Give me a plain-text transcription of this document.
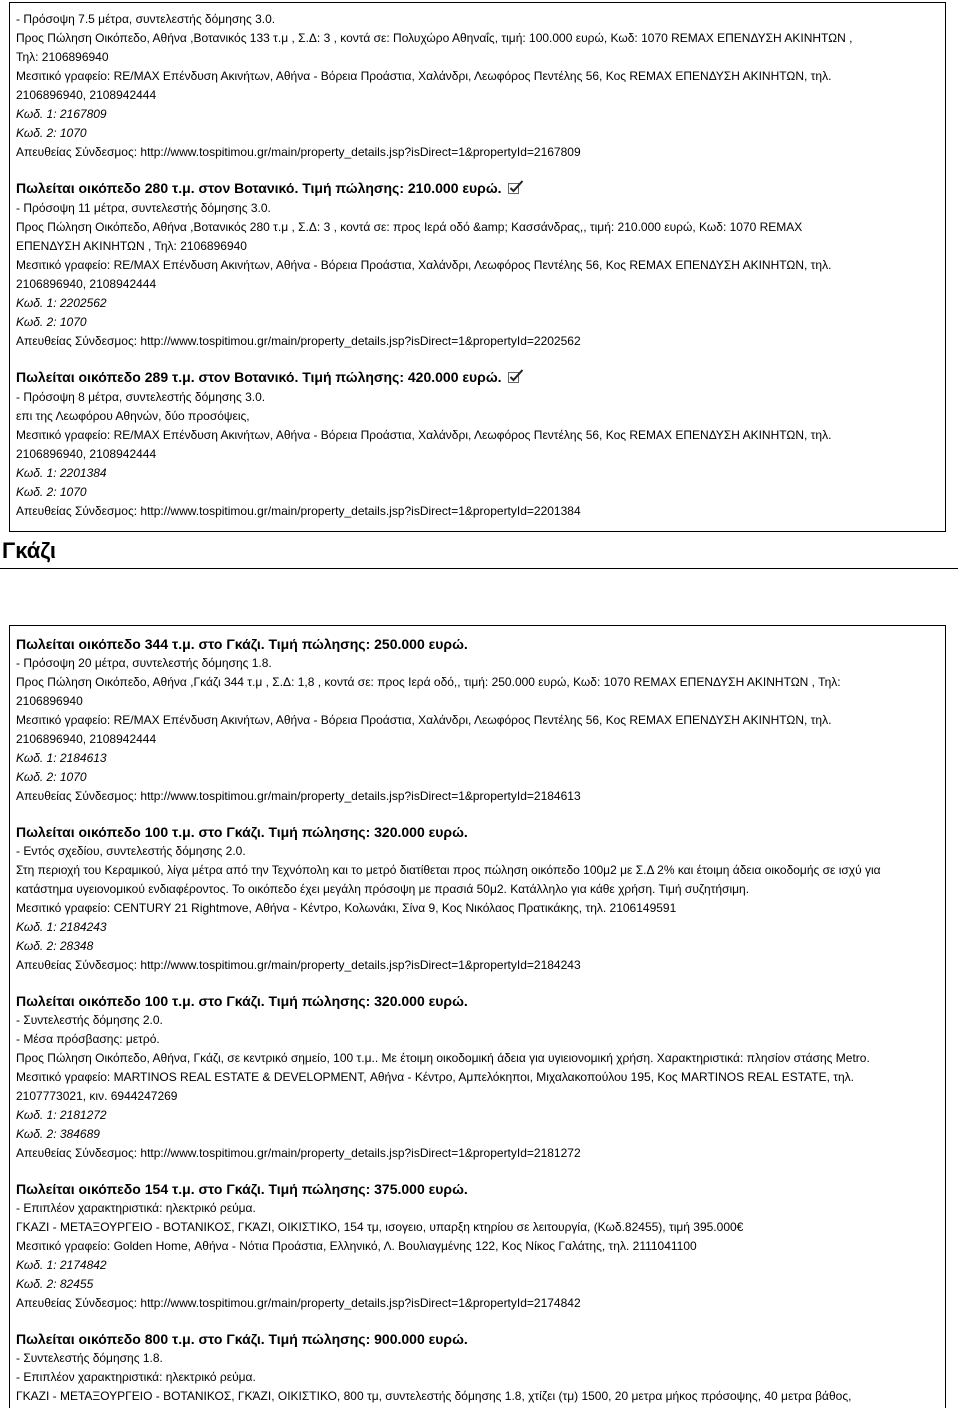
- Πρόσοψη 7.5 μέτρα, συντελεστής δόμησης 3.0.
Προς Πώληση Οικόπεδο, Αθήνα ,Βοτανικός 133 τ.μ , Σ.Δ: 3 , κοντά σε: Πολυχώρο Αθηναΐς, τιμή: 100.000 ευρώ, Κωδ: 1070 REMAX ΕΠΕΝΔΥΣΗ ΑΚΙΝΗΤΩΝ ,
Τηλ: 2106896940
Μεσιτικό γραφείο: RE/MAX Επένδυση Ακινήτων, Αθήνα - Βόρεια Προάστια, Χαλάνδρι, Λεωφόρος Πεντέλης 56, Κος REMAX ΕΠΕΝΔΥΣΗ ΑΚΙΝΗΤΩΝ, τηλ.
2106896940, 2108942444
Κωδ. 1: 2167809
Κωδ. 2: 1070
Απευθείας Σύνδεσμος: http://www.tospitimou.gr/main/property_details.jsp?isDirect=1&propertyId=2167809
Πωλείται οικόπεδο 280 τ.μ. στον Βοτανικό. Τιμή πώλησης: 210.000 ευρώ.
- Πρόσοψη 11 μέτρα, συντελεστής δόμησης 3.0.
Προς Πώληση Οικόπεδο, Αθήνα ,Βοτανικός 280 τ.μ , Σ.Δ: 3 , κοντά σε: προς Ιερά οδό &amp; Κασσάνδρας,, τιμή: 210.000 ευρώ, Κωδ: 1070 REMAX
ΕΠΕΝΔΥΣΗ ΑΚΙΝΗΤΩΝ , Τηλ: 2106896940
Μεσιτικό γραφείο: RE/MAX Επένδυση Ακινήτων, Αθήνα - Βόρεια Προάστια, Χαλάνδρι, Λεωφόρος Πεντέλης 56, Κος REMAX ΕΠΕΝΔΥΣΗ ΑΚΙΝΗΤΩΝ, τηλ.
2106896940, 2108942444
Κωδ. 1: 2202562
Κωδ. 2: 1070
Απευθείας Σύνδεσμος: http://www.tospitimou.gr/main/property_details.jsp?isDirect=1&propertyId=2202562
Πωλείται οικόπεδο 289 τ.μ. στον Βοτανικό. Τιμή πώλησης: 420.000 ευρώ.
- Πρόσοψη 8 μέτρα, συντελεστής δόμησης 3.0.
επι της Λεωφόρου Αθηνών, δύο προσόψεις,
Μεσιτικό γραφείο: RE/MAX Επένδυση Ακινήτων, Αθήνα - Βόρεια Προάστια, Χαλάνδρι, Λεωφόρος Πεντέλης 56, Κος REMAX ΕΠΕΝΔΥΣΗ ΑΚΙΝΗΤΩΝ, τηλ.
2106896940, 2108942444
Κωδ. 1: 2201384
Κωδ. 2: 1070
Απευθείας Σύνδεσμος: http://www.tospitimou.gr/main/property_details.jsp?isDirect=1&propertyId=2201384
Γκάζι
Πωλείται οικόπεδο 344 τ.μ. στο Γκάζι. Τιμή πώλησης: 250.000 ευρώ.
- Πρόσοψη 20 μέτρα, συντελεστής δόμησης 1.8.
Προς Πώληση Οικόπεδο, Αθήνα ,Γκάζι 344 τ.μ , Σ.Δ: 1,8 , κοντά σε: προς Ιερά οδό,, τιμή: 250.000 ευρώ, Κωδ: 1070 REMAX ΕΠΕΝΔΥΣΗ ΑΚΙΝΗΤΩΝ , Τηλ:
2106896940
Μεσιτικό γραφείο: RE/MAX Επένδυση Ακινήτων, Αθήνα - Βόρεια Προάστια, Χαλάνδρι, Λεωφόρος Πεντέλης 56, Κος REMAX ΕΠΕΝΔΥΣΗ ΑΚΙΝΗΤΩΝ, τηλ.
2106896940, 2108942444
Κωδ. 1: 2184613
Κωδ. 2: 1070
Απευθείας Σύνδεσμος: http://www.tospitimou.gr/main/property_details.jsp?isDirect=1&propertyId=2184613
Πωλείται οικόπεδο 100 τ.μ. στο Γκάζι. Τιμή πώλησης: 320.000 ευρώ.
- Εντός σχεδίου, συντελεστής δόμησης 2.0.
Στη περιοχή του Κεραμικού, λίγα μέτρα από την Τεχνόπολη και το μετρό διατίθεται προς πώληση οικόπεδο 100μ2 με Σ.Δ 2% και έτοιμη άδεια οικοδομής σε ισχύ για
κατάστημα υγειονομικού ενδιαφέροντος. Το οικόπεδο έχει μεγάλη πρόσοψη με πρασιά 50μ2. Κατάλληλο για κάθε χρήση. Τιμή συζητήσιμη.
Μεσιτικό γραφείο: CENTURY 21 Rightmove, Αθήνα - Κέντρο, Κολωνάκι, Σίνα 9, Κος Νικόλαος Πρατικάκης, τηλ. 2106149591
Κωδ. 1: 2184243
Κωδ. 2: 28348
Απευθείας Σύνδεσμος: http://www.tospitimou.gr/main/property_details.jsp?isDirect=1&propertyId=2184243
Πωλείται οικόπεδο 100 τ.μ. στο Γκάζι. Τιμή πώλησης: 320.000 ευρώ.
- Συντελεστής δόμησης 2.0.
- Μέσα πρόσβασης: μετρό.
Προς Πώληση Οικόπεδο, Αθήνα, Γκάζι, σε κεντρικό σημείο, 100 τ.μ.. Με έτοιμη οικοδομική άδεια για υγιειονομική χρήση. Χαρακτηριστικά: πλησίον στάσης Metro.
Μεσιτικό γραφείο: MARTINOS REAL ESTATE & DEVELOPMENT, Αθήνα - Κέντρο, Αμπελόκηποι, Μιχαλακοπούλου 195, Κος MARTINOS REAL ESTATE, τηλ.
2107773021, κιν. 6944247269
Κωδ. 1: 2181272
Κωδ. 2: 384689
Απευθείας Σύνδεσμος: http://www.tospitimou.gr/main/property_details.jsp?isDirect=1&propertyId=2181272
Πωλείται οικόπεδο 154 τ.μ. στο Γκάζι. Τιμή πώλησης: 375.000 ευρώ.
- Επιπλέον χαρακτηριστικά: ηλεκτρικό ρεύμα.
ΓΚΑΖΙ - ΜΕΤΑΞΟΥΡΓΕΙΟ - ΒΟΤΑΝΙΚΟΣ, ΓΚΆΖΙ, ΟΙΚΙΣΤΙΚΟ, 154 τμ, ισογειο, υπαρξη κτηρίου σε λειτουργία, (Κωδ.82455), τιμή 395.000€
Μεσιτικό γραφείο: Golden Home, Αθήνα - Νότια Προάστια, Ελληνικό, Λ. Βουλιαγμένης 122, Κος Νίκος Γαλάτης, τηλ. 2111041100
Κωδ. 1: 2174842
Κωδ. 2: 82455
Απευθείας Σύνδεσμος: http://www.tospitimou.gr/main/property_details.jsp?isDirect=1&propertyId=2174842
Πωλείται οικόπεδο 800 τ.μ. στο Γκάζι. Τιμή πώλησης: 900.000 ευρώ.
- Συντελεστής δόμησης 1.8.
- Επιπλέον χαρακτηριστικά: ηλεκτρικό ρεύμα.
ΓΚΑΖΙ - ΜΕΤΑΞΟΥΡΓΕΙΟ - ΒΟΤΑΝΙΚΟΣ, ΓΚΆΖΙ, ΟΙΚΙΣΤΙΚΟ, 800 τμ, συντελεστής δόμησης 1.8, χτίζει (τμ) 1500, 20 μετρα μήκος πρόσοψης, 40 μετρα βάθος,
